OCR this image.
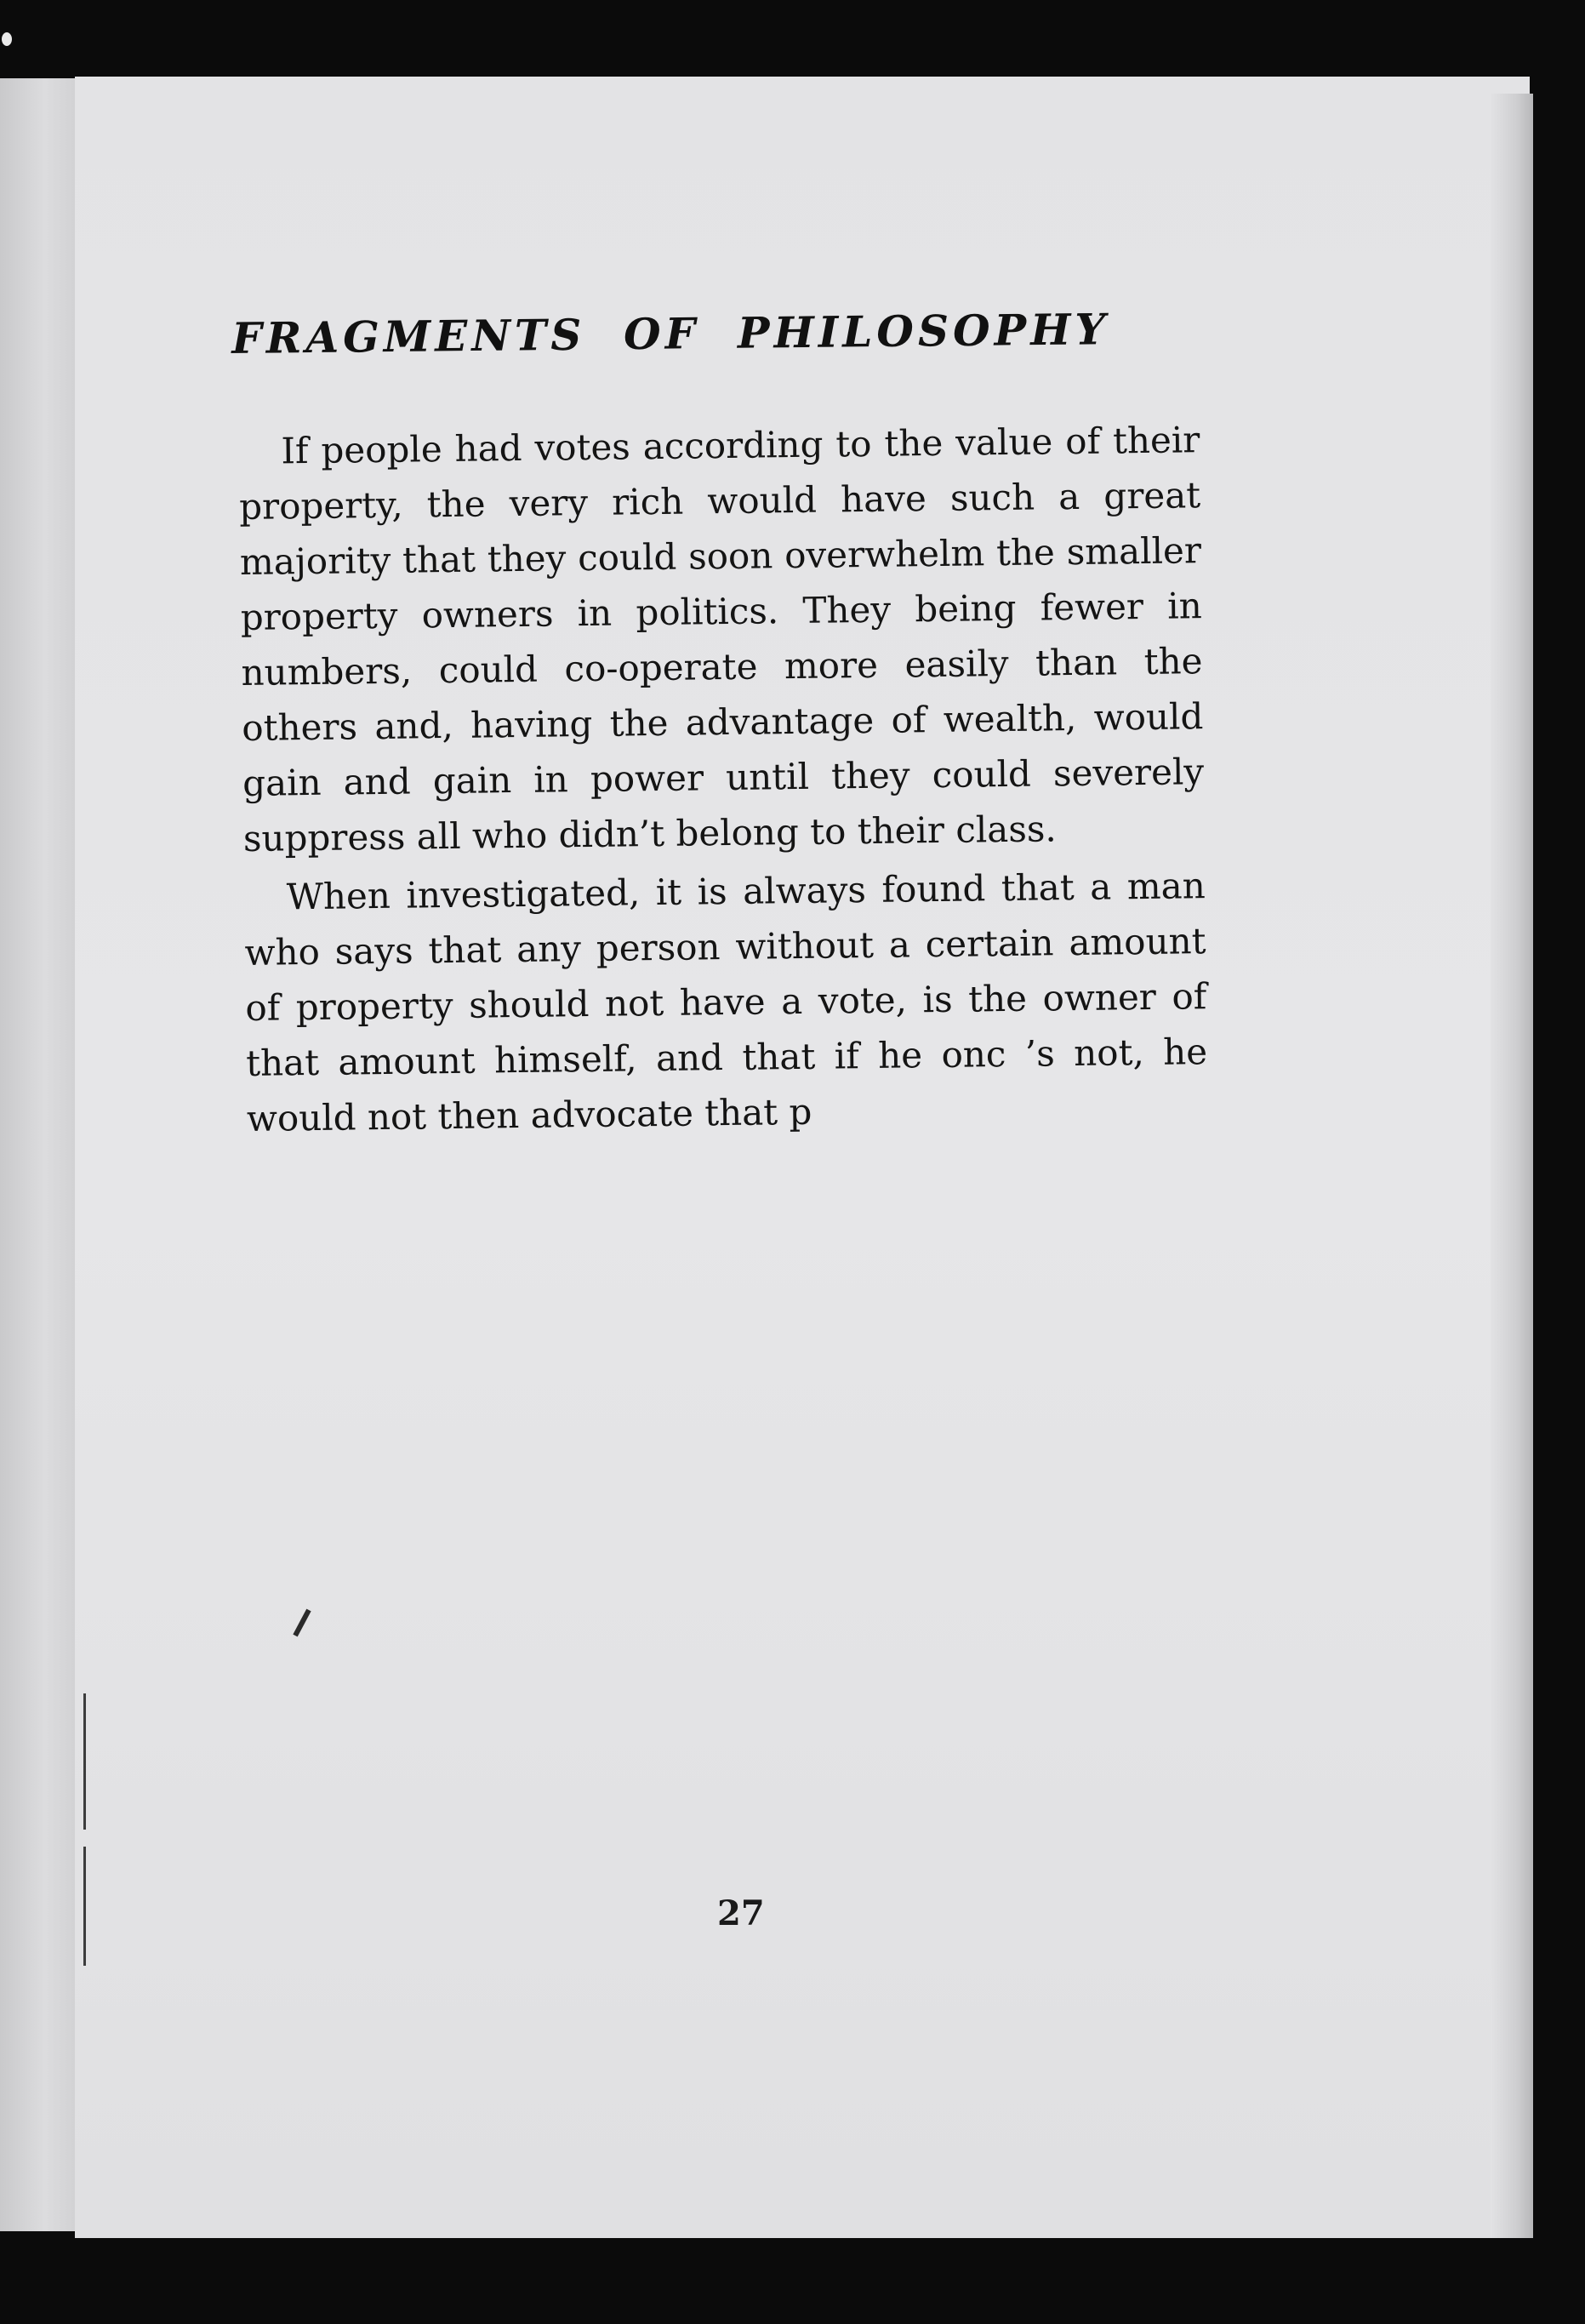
FRAGMENTS  OF  PHILOSOPHY

If people had votes according to the value of their property, the very rich would have such a great majority that they could soon overwhelm the smaller property owners in politics. They being fewer in numbers, could co-operate more easily than the others and, having the advantage of wealth, would gain and gain in power until they could severely suppress all who didn’t belong to their class.

When investigated, it is always found that a man who says that any person without a certain amount of property should not have a vote, is the owner of that amount himself, and that if he onc ’s not, he would not then advocate that p

27
